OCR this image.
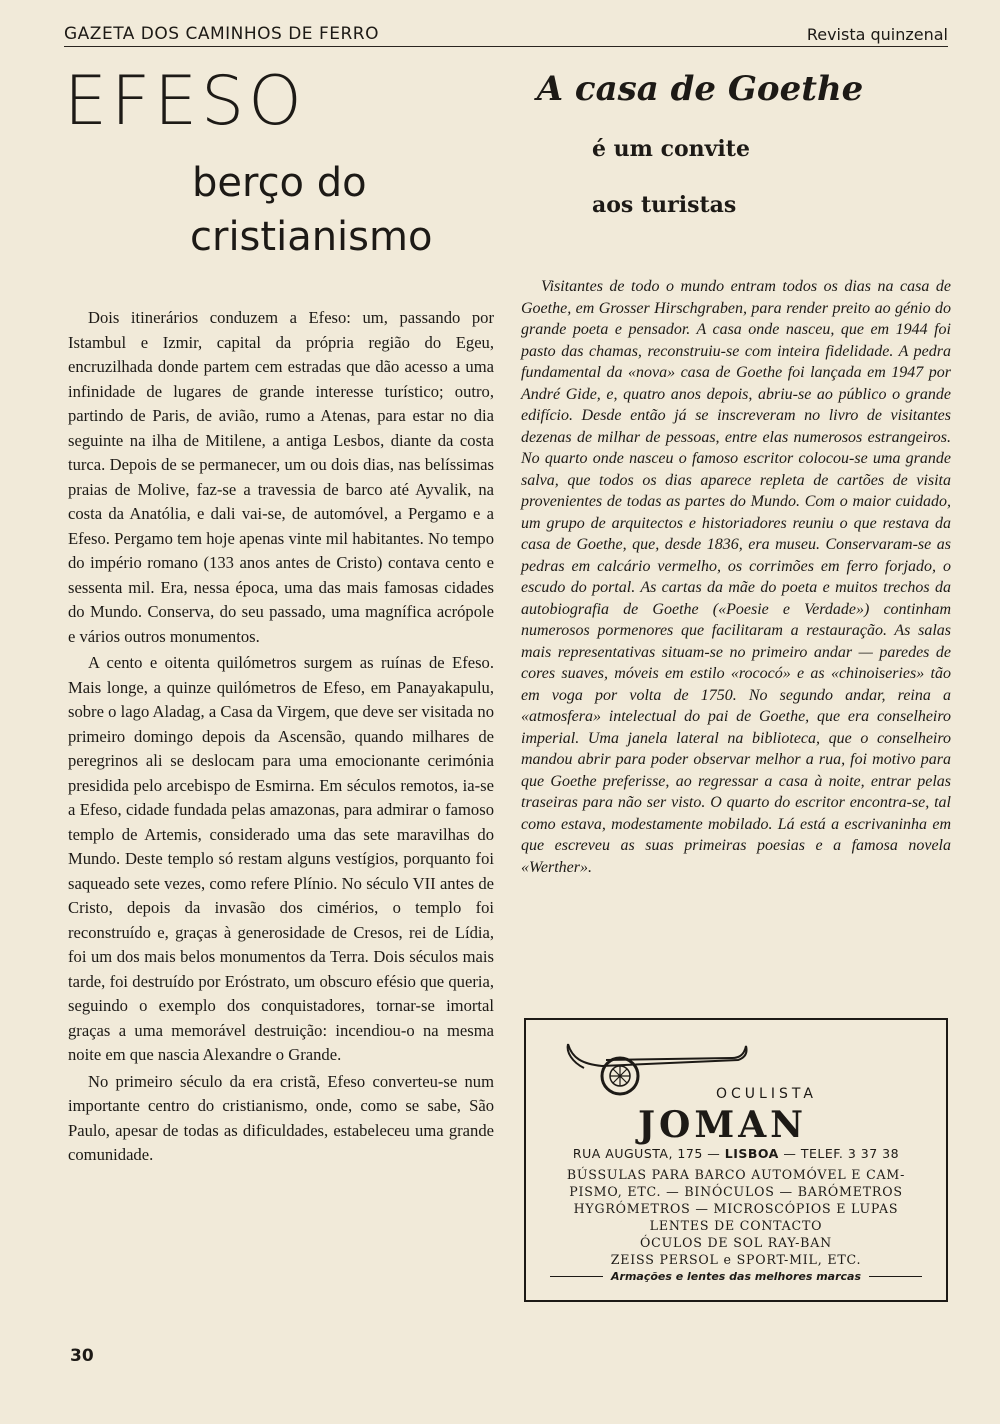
GAZETA DOS CAMINHOS DE FERRO	Revista quinzenal
EFESO
berço do
cristianismo

Dois itinerários conduzem a Efeso: um, passando por Istambul e Izmir, capital da própria região do Egeu, encruzilhada donde partem cem estradas que dão acesso a uma infinidade de lugares de grande interesse turístico; outro, partindo de Paris, de avião, rumo a Atenas, para estar no dia seguinte na ilha de Mitilene, a antiga Lesbos, diante da costa turca. Depois de se permanecer, um ou dois dias, nas belíssimas praias de Molive, faz-se a travessia de barco até Ayvalik, na costa da Anatólia, e dali vai-se, de automóvel, a Pergamo e a Efeso. Pergamo tem hoje apenas vinte mil habitantes. No tempo do império romano (133 anos antes de Cristo) contava cento e sessenta mil. Era, nessa época, uma das mais famosas cidades do Mundo. Conserva, do seu passado, uma magnífica acrópole e vários outros monumentos.

A cento e oitenta quilómetros surgem as ruínas de Efeso. Mais longe, a quinze quilómetros de Efeso, em Panayakapulu, sobre o lago Aladag, a Casa da Virgem, que deve ser visitada no primeiro domingo depois da Ascensão, quando milhares de peregrinos ali se deslocam para uma emocionante cerimónia presidida pelo arcebispo de Esmirna. Em séculos remotos, ia-se a Efeso, cidade fundada pelas amazonas, para admirar o famoso templo de Artemis, considerado uma das sete maravilhas do Mundo. Deste templo só restam alguns vestígios, porquanto foi saqueado sete vezes, como refere Plínio. No século VII antes de Cristo, depois da invasão dos cimérios, o templo foi reconstruído e, graças à generosidade de Cresos, rei de Lídia, foi um dos mais belos monumentos da Terra. Dois séculos mais tarde, foi destruído por Eróstrato, um obscuro efésio que queria, seguindo o exemplo dos conquistadores, tornar-se imortal graças a uma memorável destruição: incendiou-o na mesma noite em que nascia Alexandre o Grande.

No primeiro século da era cristã, Efeso converteu-se num importante centro do cristianismo, onde, como se sabe, São Paulo, apesar de todas as dificuldades, estabeleceu uma grande comunidade.

A casa de Goethe
é um convite
aos turistas

Visitantes de todo o mundo entram todos os dias na casa de Goethe, em Grosser Hirschgraben, para render preito ao génio do grande poeta e pensador. A casa onde nasceu, que em 1944 foi pasto das chamas, reconstruiu-se com inteira fidelidade. A pedra fundamental da «nova» casa de Goethe foi lançada em 1947 por André Gide, e, quatro anos depois, abriu-se ao público o grande edifício. Desde então já se inscreveram no livro de visitantes dezenas de milhar de pessoas, entre elas numerosos estrangeiros. No quarto onde nasceu o famoso escritor colocou-se uma grande salva, que todos os dias aparece repleta de cartões de visita provenientes de todas as partes do Mundo. Com o maior cuidado, um grupo de arquitectos e historiadores reuniu o que restava da casa de Goethe, que, desde 1836, era museu. Conservaram-se as pedras em calcário vermelho, os corrimões em ferro forjado, o escudo do portal. As cartas da mãe do poeta e muitos trechos da autobiografia de Goethe («Poesie e Verdade») continham numerosos pormenores que facilitaram a restauração. As salas mais representativas situam-se no primeiro andar — paredes de cores suaves, móveis em estilo «rococó» e as «chinoiseries» tão em voga por volta de 1750. No segundo andar, reina a «atmosfera» intelectual do pai de Goethe, que era conselheiro imperial. Uma janela lateral na biblioteca, que o conselheiro mandou abrir para poder observar melhor a rua, foi motivo para que Goethe preferisse, ao regressar a casa à noite, entrar pelas traseiras para não ser visto. O quarto do escritor encontra-se, tal como estava, modestamente mobilado. Lá está a escrivaninha em que escreveu as suas primeiras poesias e a famosa novela «Werther».

OCULISTA
JOMAN
RUA AUGUSTA, 175 — LISBOA — TELEF. 3 37 38
BÚSSULAS PARA BARCO AUTOMÓVEL E CAM-
PISMO, ETC. — BINÓCULOS — BARÓMETROS
HYGRÓMETROS — MICROSCÓPIOS E LUPAS
LENTES DE CONTACTO
ÓCULOS DE SOL RAY-BAN
ZEISS PERSOL e SPORT-MIL, ETC.
Armações e lentes das melhores marcas
30
